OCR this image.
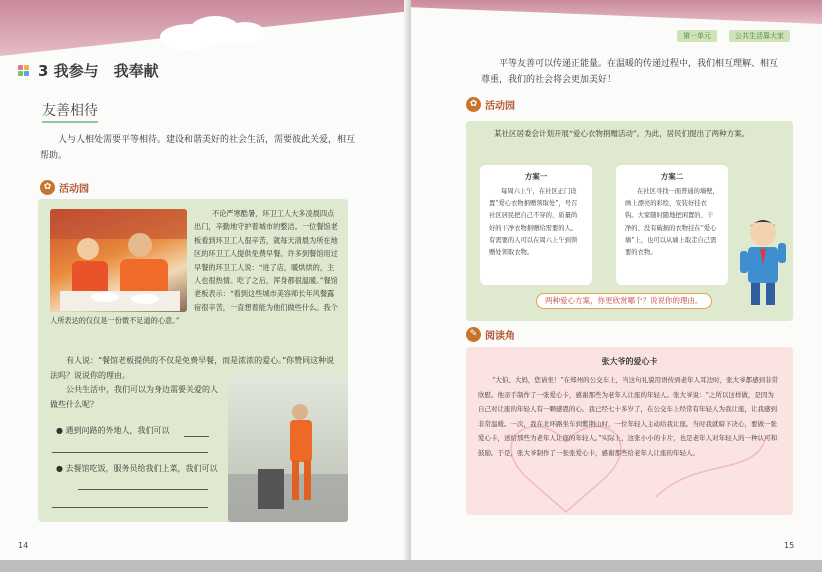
3 我参与　我奉献
友善相待
人与人相处需要平等相待。建设和谐美好的社会生活，需要彼此关爱，相互帮助。
✿ 活动园
不论严寒酷暑，环卫工人大多凌晨四点出门，辛勤地守护着城市的整洁。一位餐馆老板看到环卫工人很辛苦，就每天清晨为所在地区的环卫工人提供免费早餐。许多到餐馆用过早餐的环卫工人说：“进了店，暖烘烘的，主人也很热情。吃了之后，浑身都很温暖。”餐馆老板表示：“看到这些城市美容师长年风餐露宿很辛苦，一直想着能为他们做些什么。我个人所表达的仅仅是一份微不足道的心意。”
有人说：“餐馆老板提供的不仅是免费早餐，而是浓浓的爱心。”你赞同这种说法吗？说说你的理由。
公共生活中，我们可以为身边需要关爱的人做些什么呢？
● 遇到问路的外地人，我们可以
● 去餐馆吃饭，服务员给我们上菜，我们可以
14
第一单元	公共生活靠大家
平等友善可以传递正能量。在温暖的传递过程中，我们相互理解、相互尊重，我们的社会将会更加美好！
✿ 活动园
某社区居委会计划开展“爱心衣物捐赠活动”。为此，居民们提出了两种方案。
方案一
每周六上午，在社区正门设置“爱心衣物捐赠领取处”，号召社区居民把自己不穿的、质量尚好的干净衣物捐赠给需要的人。有需要的人可以在周六上午到领赠处领取衣物。
方案二
在社区寻找一面普通的墙壁，画上漂亮的彩绘，安装好挂衣钩。大家随时随地把闲置的、干净的、没有破损的衣物挂在“爱心墙”上，也可以从墙上取走自己需要的衣物。
两种爱心方案，你更欣赏哪个？说说你的理由。
✎ 阅读角
张大爷的爱心卡
“大伯、大妈，您请坐！”在郑州的公交车上，当这句礼貌用语传到老年人耳边时，张大爷都感到非常欣慰。他亲手制作了一张爱心卡，感谢那些为老年人让座的年轻人。张大爷说：“之所以这样做，是因为自己对让座的年轻人有一颗感恩的心。我已经七十多岁了，在公交车上经常有年轻人为我让座，让我感到非常温暖。一次，我在北环路坐车到紫荆山时，一位年轻人主动给我让座。当时我就暗下决心，要做一张爱心卡，送给那些为老年人让座的年轻人。”实际上，这张小小的卡片，也是老年人对年轻人的一种认可和鼓励。于是，张大爷制作了一张张爱心卡，感谢那些给老年人让座的年轻人。
15
